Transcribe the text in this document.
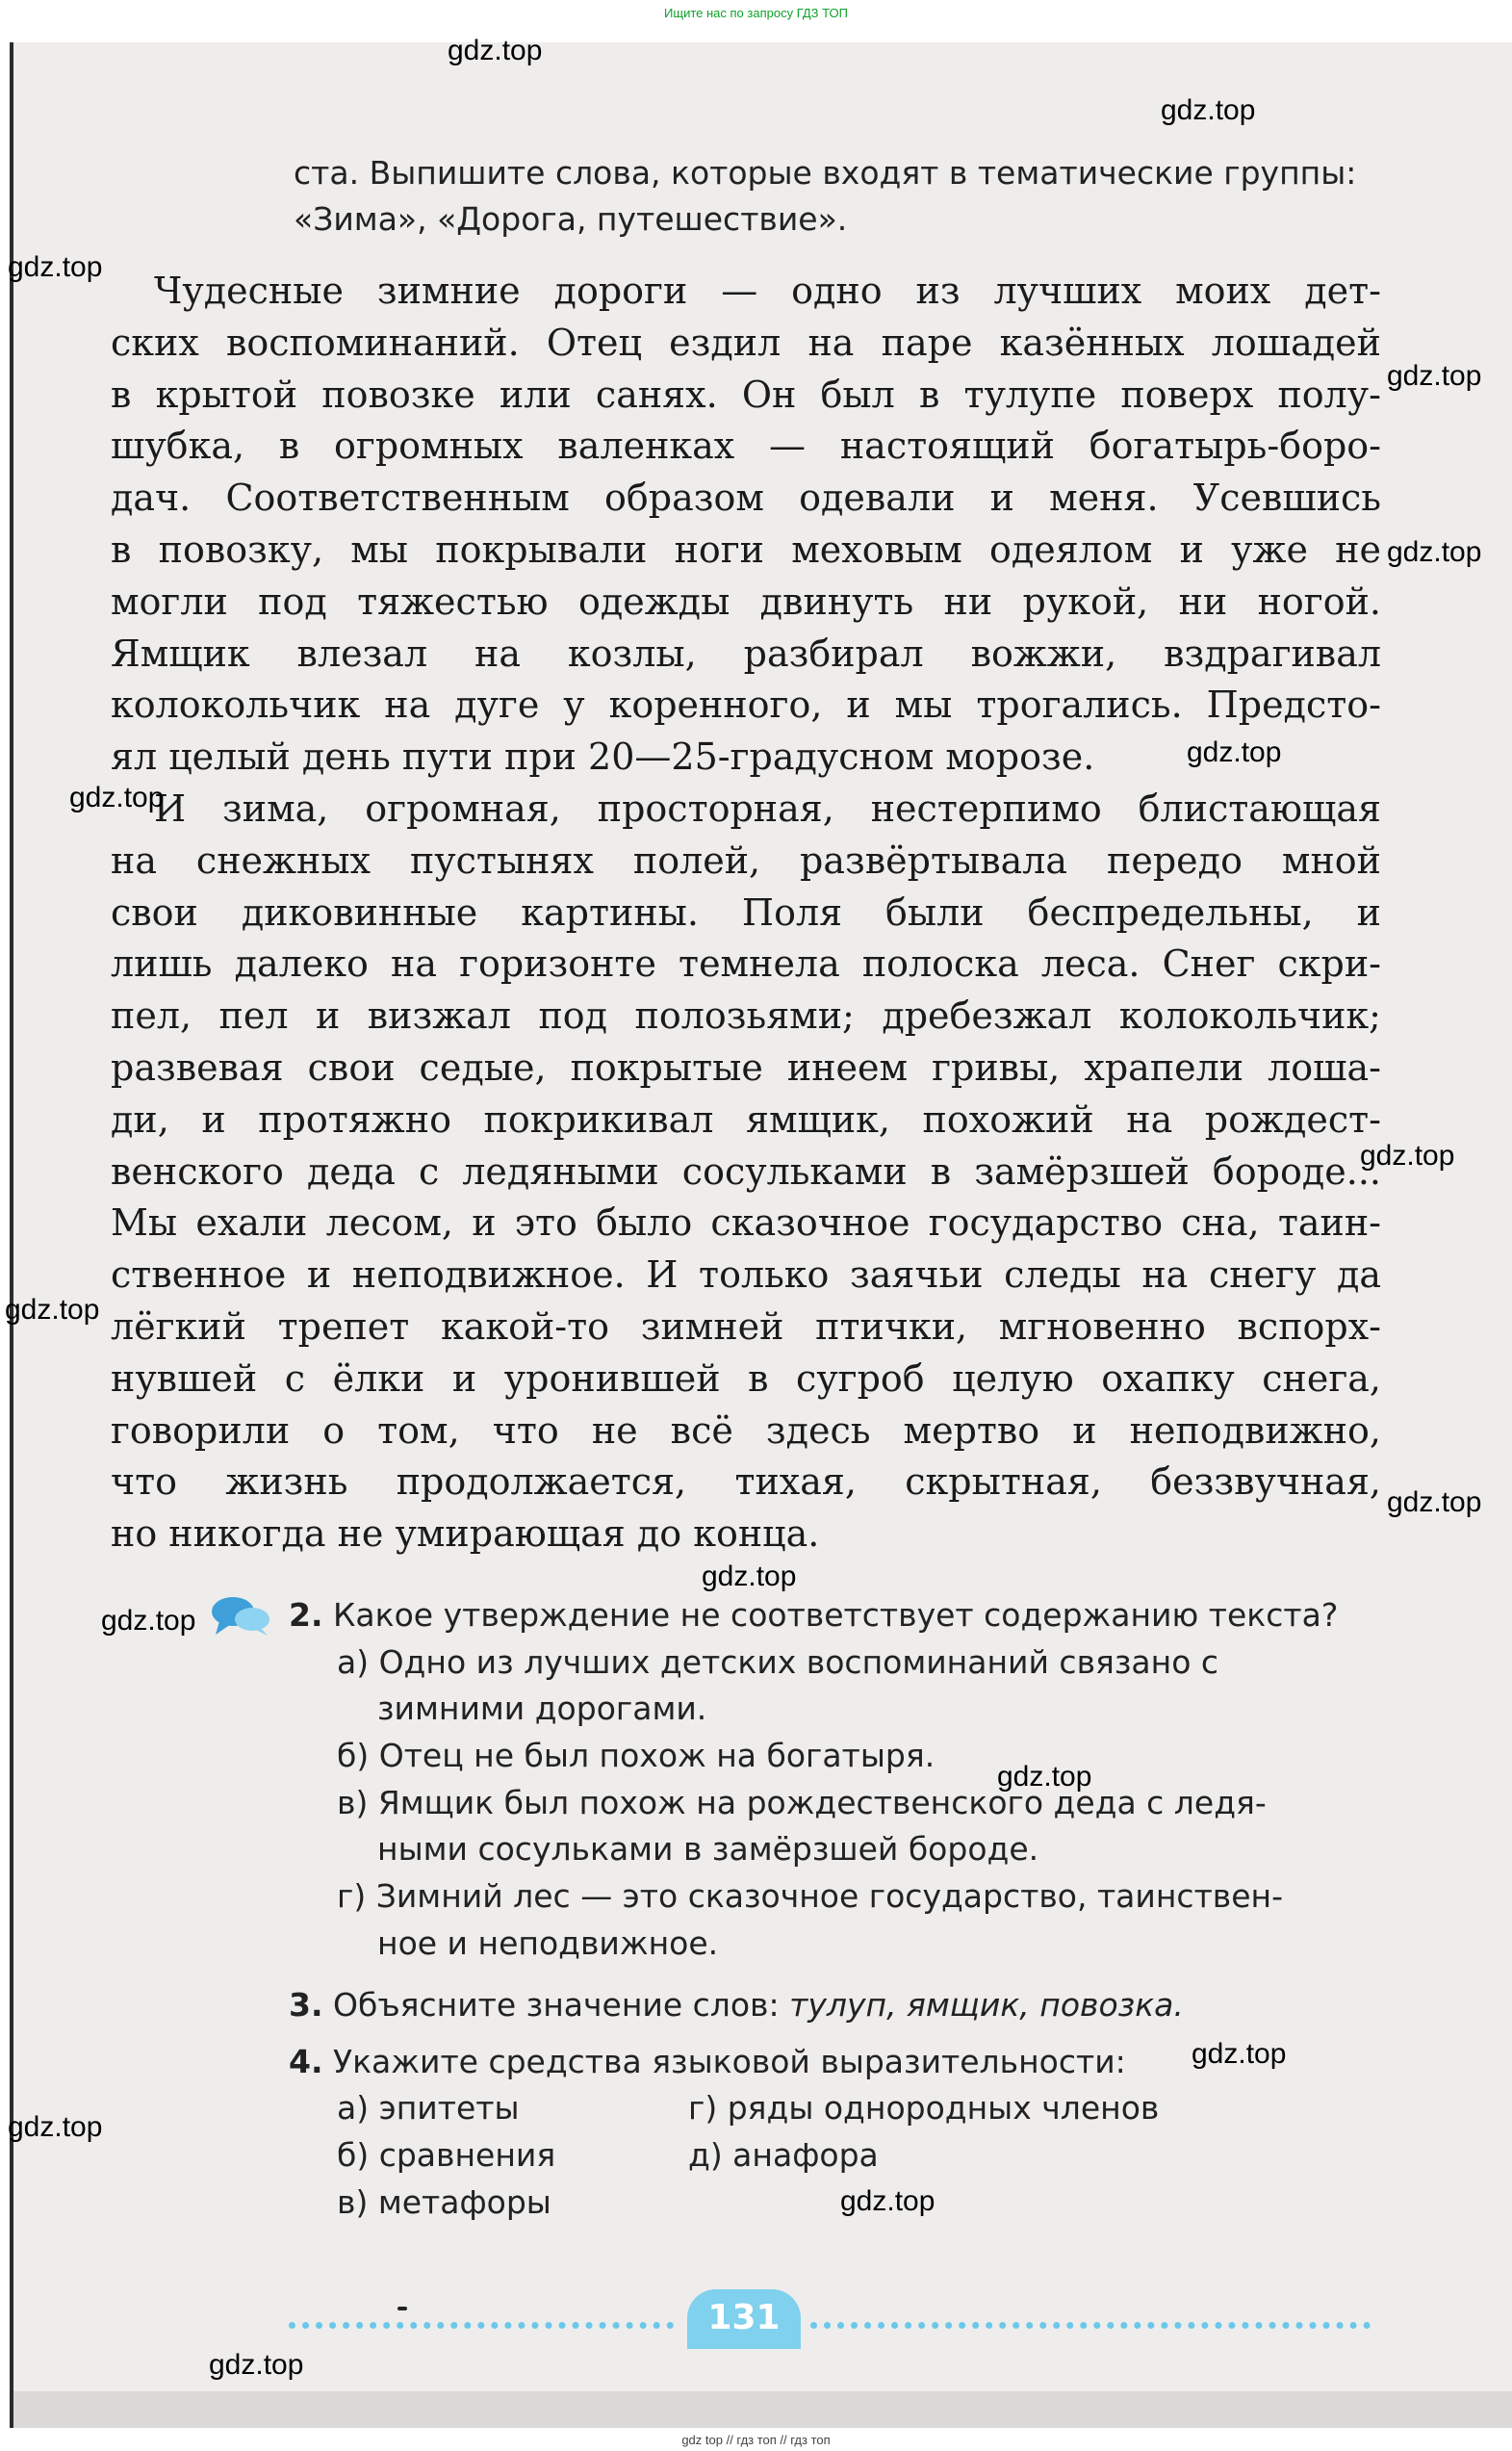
Ищите нас по запросу ГДЗ ТОП
ста. Выпишите слова, которые входят в тематические группы:
«Зима», «Дорога, путешествие».
Чудесные зимние дороги — одно из лучших моих дет-
ских воспоминаний. Отец ездил на паре казённых лошадей
в крытой повозке или санях. Он был в тулупе поверх полу-
шубка, в огромных валенках — настоящий богатырь-боро-
дач. Соответственным образом одевали и меня. Усевшись
в повозку, мы покрывали ноги меховым одеялом и уже не
могли под тяжестью одежды двинуть ни рукой, ни ногой.
Ямщик влезал на козлы, разбирал вожжи, вздрагивал
колокольчик на дуге у коренного, и мы трогались. Предсто-
ял целый день пути при 20—25-градусном морозе.
И зима, огромная, просторная, нестерпимо блистающая
на снежных пустынях полей, развёртывала передо мной
свои диковинные картины. Поля были беспредельны, и
лишь далеко на горизонте темнела полоска леса. Снег скри-
пел, пел и визжал под полозьями; дребезжал колокольчик;
развевая свои седые, покрытые инеем гривы, храпели лоша-
ди, и протяжно покрикивал ямщик, похожий на рождест-
венского деда с ледяными сосульками в замёрзшей бороде...
Мы ехали лесом, и это было сказочное государство сна, таин-
ственное и неподвижное. И только заячьи следы на снегу да
лёгкий трепет какой-то зимней птички, мгновенно вспорх-
нувшей с ёлки и уронившей в сугроб целую охапку снега,
говорили о том, что не всё здесь мертво и неподвижно,
что жизнь продолжается, тихая, скрытная, беззвучная,
но никогда не умирающая до конца.
2. Какое утверждение не соответствует содержанию текста?
а) Одно из лучших детских воспоминаний связано с
зимними дорогами.
б) Отец не был похож на богатыря.
в) Ямщик был похож на рождественского деда с ледя-
ными сосульками в замёрзшей бороде.
г) Зимний лес — это сказочное государство, таинствен-
ное и неподвижное.
3. Объясните значение слов: тулуп, ямщик, повозка.
4. Укажите средства языковой выразительности:
а) эпитеты
б) сравнения
в) метафоры
г) ряды однородных членов
д) анафора
131
gdz.top
gdz.top
gdz.top
gdz.top
gdz.top
gdz.top
gdz.top
gdz.top
gdz.top
gdz.top
gdz.top
gdz.top
gdz.top
gdz.top
gdz.top
gdz.top
gdz.top
gdz top // гдз топ // гдз топ
